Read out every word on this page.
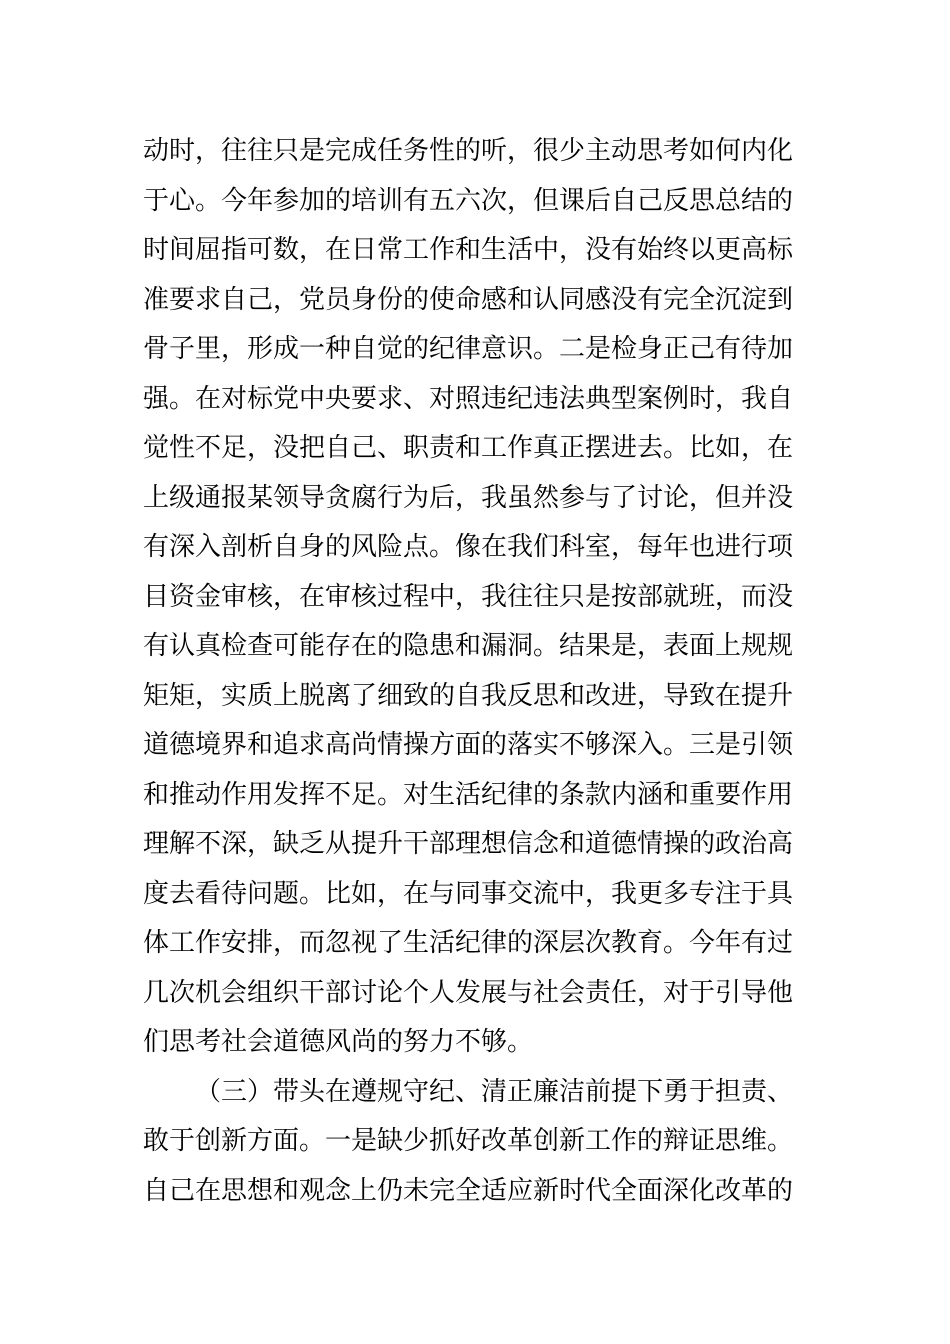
动时，往往只是完成任务性的听，很少主动思考如何内化
于心。今年参加的培训有五六次，但课后自己反思总结的
时间屈指可数，在日常工作和生活中，没有始终以更高标
准要求自己，党员身份的使命感和认同感没有完全沉淀到
骨子里，形成一种自觉的纪律意识。二是检身正己有待加
强。在对标党中央要求、对照违纪违法典型案例时，我自
觉性不足，没把自己、职责和工作真正摆进去。比如，在
上级通报某领导贪腐行为后，我虽然参与了讨论，但并没
有深入剖析自身的风险点。像在我们科室，每年也进行项
目资金审核，在审核过程中，我往往只是按部就班，而没
有认真检查可能存在的隐患和漏洞。结果是，表面上规规
矩矩，实质上脱离了细致的自我反思和改进，导致在提升
道德境界和追求高尚情操方面的落实不够深入。三是引领
和推动作用发挥不足。对生活纪律的条款内涵和重要作用
理解不深，缺乏从提升干部理想信念和道德情操的政治高
度去看待问题。比如，在与同事交流中，我更多专注于具
体工作安排，而忽视了生活纪律的深层次教育。今年有过
几次机会组织干部讨论个人发展与社会责任，对于引导他
们思考社会道德风尚的努力不够。
（三）带头在遵规守纪、清正廉洁前提下勇于担责、
敢于创新方面。一是缺少抓好改革创新工作的辩证思维。
自己在思想和观念上仍未完全适应新时代全面深化改革的
